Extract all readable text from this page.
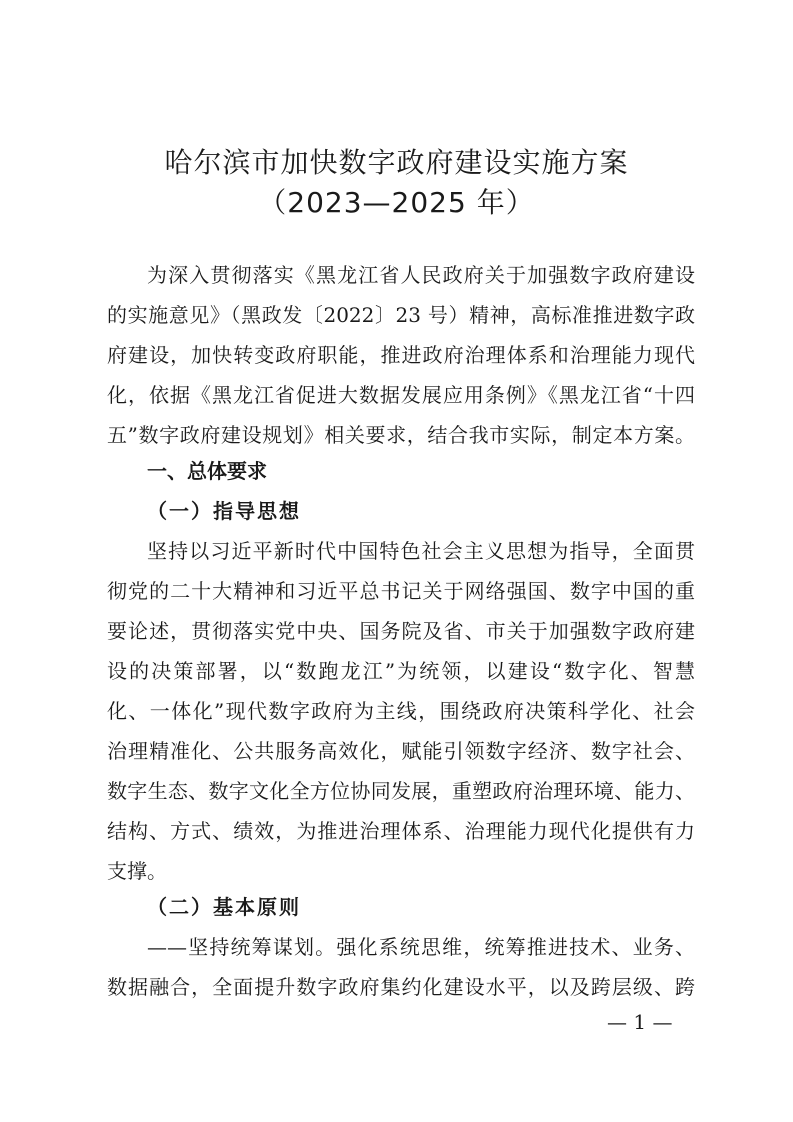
哈尔滨市加快数字政府建设实施方案
（2023—2025 年）
为深入贯彻落实《黑龙江省人民政府关于加强数字政府建设
的实施意见》（黑政发〔2022〕23 号）精神，高标准推进数字政
府建设，加快转变政府职能，推进政府治理体系和治理能力现代
化，依据《黑龙江省促进大数据发展应用条例》《黑龙江省“十四
五”数字政府建设规划》相关要求，结合我市实际，制定本方案。
一、总体要求
（一）指导思想
坚持以习近平新时代中国特色社会主义思想为指导，全面贯
彻党的二十大精神和习近平总书记关于网络强国、数字中国的重
要论述，贯彻落实党中央、国务院及省、市关于加强数字政府建
设的决策部署，以“数跑龙江”为统领，以建设“数字化、智慧
化、一体化”现代数字政府为主线，围绕政府决策科学化、社会
治理精准化、公共服务高效化，赋能引领数字经济、数字社会、
数字生态、数字文化全方位协同发展，重塑政府治理环境、能力、
结构、方式、绩效，为推进治理体系、治理能力现代化提供有力
支撑。
（二）基本原则
——坚持统筹谋划。强化系统思维，统筹推进技术、业务、
数据融合，全面提升数字政府集约化建设水平，以及跨层级、跨
— 1 —
